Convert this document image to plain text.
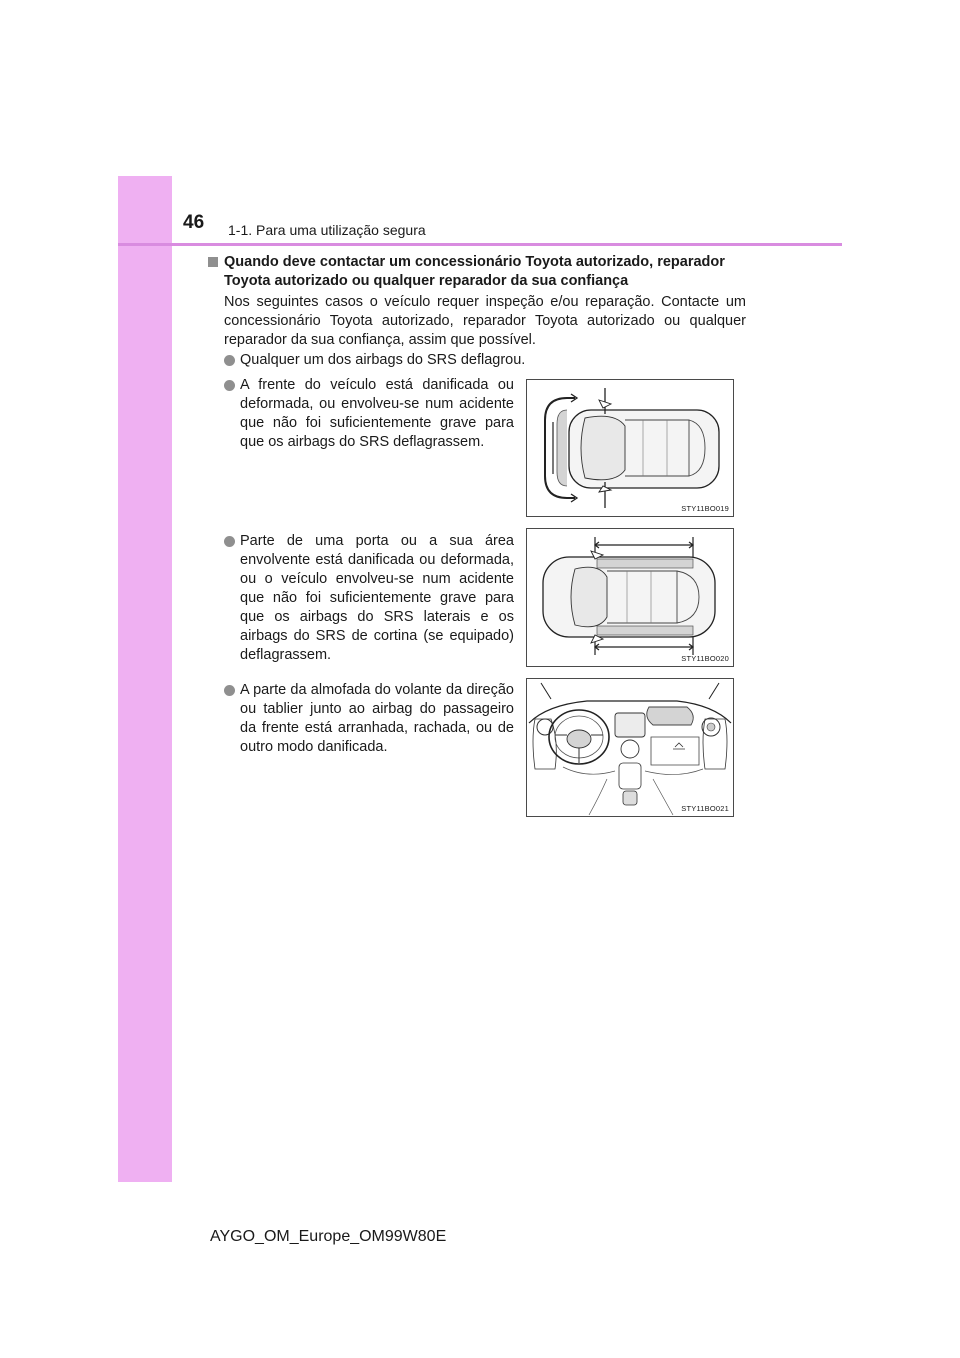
46 1-1. Para uma utilização segura
Quando deve contactar um concessionário Toyota autorizado, reparador Toyota autorizado ou qualquer reparador da sua confiança
Nos seguintes casos o veículo requer inspeção e/ou reparação. Contacte um concessionário Toyota autorizado, reparador Toyota autorizado ou qualquer reparador da sua confiança, assim que possível.
Qualquer um dos airbags do SRS deflagrou.
A frente do veículo está danificada ou deformada, ou envolveu-se num acidente que não foi suficientemente grave para que os airbags do SRS deflagrassem.
Parte de uma porta ou a sua área envolvente está danificada ou deformada, ou o veículo envolveu-se num acidente que não foi suficientemente grave para que os airbags do SRS laterais e os airbags do SRS de cortina (se equipado) deflagrassem.
A parte da almofada do volante da direção ou tablier junto ao airbag do passageiro da frente está arranhada, rachada, ou de outro modo danificada.
STY11BO019
STY11BO020
STY11BO021
AYGO_OM_Europe_OM99W80E
